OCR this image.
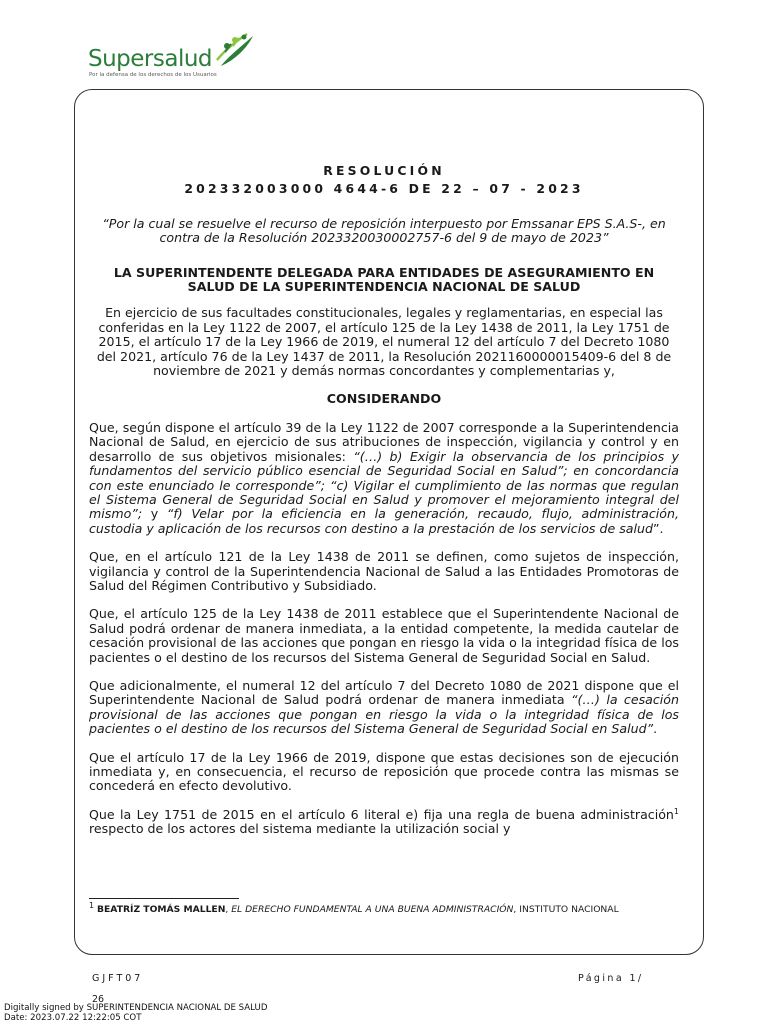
Supersalud
Por la defensa de los derechos de los Usuarios

RESOLUCIÓN

202332003000 4644-6 DE 22 – 07 - 2023

“Por la cual se resuelve el recurso de reposición interpuesto por Emssanar EPS S.A.S-, en contra de la Resolución 2023320030002757-6 del 9 de mayo de 2023”

LA SUPERINTENDENTE DELEGADA PARA ENTIDADES DE ASEGURAMIENTO EN SALUD DE LA SUPERINTENDENCIA NACIONAL DE SALUD

En ejercicio de sus facultades constitucionales, legales y reglamentarias, en especial las conferidas en la Ley 1122 de 2007, el artículo 125 de la Ley 1438 de 2011, la Ley 1751 de 2015, el artículo 17 de la Ley 1966 de 2019, el numeral 12 del artículo 7 del Decreto 1080 del 2021, artículo 76 de la Ley 1437 de 2011, la Resolución 2021160000015409-6 del 8 de noviembre de 2021 y demás normas concordantes y complementarias y,

CONSIDERANDO

Que, según dispone el artículo 39 de la Ley 1122 de 2007 corresponde a la Superintendencia Nacional de Salud, en ejercicio de sus atribuciones de inspección, vigilancia y control y en desarrollo de sus objetivos misionales: “(…) b) Exigir la observancia de los principios y fundamentos del servicio público esencial de Seguridad Social en Salud”; en concordancia con este enunciado le corresponde”; “c) Vigilar el cumplimiento de las normas que regulan el Sistema General de Seguridad Social en Salud y promover el mejoramiento integral del mismo”; y “f) Velar por la eficiencia en la generación, recaudo, flujo, administración, custodia y aplicación de los recursos con destino a la prestación de los servicios de salud”.

Que, en el artículo 121 de la Ley 1438 de 2011 se definen, como sujetos de inspección, vigilancia y control de la Superintendencia Nacional de Salud a las Entidades Promotoras de Salud del Régimen Contributivo y Subsidiado.

Que, el artículo 125 de la Ley 1438 de 2011 establece que el Superintendente Nacional de Salud podrá ordenar de manera inmediata, a la entidad competente, la medida cautelar de cesación provisional de las acciones que pongan en riesgo la vida o la integridad física de los pacientes o el destino de los recursos del Sistema General de Seguridad Social en Salud.

Que adicionalmente, el numeral 12 del artículo 7 del Decreto 1080 de 2021 dispone que el Superintendente Nacional de Salud podrá ordenar de manera inmediata “(…) la cesación provisional de las acciones que pongan en riesgo la vida o la integridad física de los pacientes o el destino de los recursos del Sistema General de Seguridad Social en Salud”.

Que el artículo 17 de la Ley 1966 de 2019, dispone que estas decisiones son de ejecución inmediata y, en consecuencia, el recurso de reposición que procede contra las mismas se concederá en efecto devolutivo.

Que la Ley 1751 de 2015 en el artículo 6 literal e) fija una regla de buena administración$^1$ respecto de los actores del sistema mediante la utilización social y

$^1$ BEATRÍZ TOMÁS MALLEN, EL DERECHO FUNDAMENTAL A UNA BUENA ADMINISTRACIÓN, INSTITUTO NACIONAL
GJFT07	Página 1/
26
Digitally signed by SUPERINTENDENCIA NACIONAL DE SALUD
Date: 2023.07.22 12:22:05 COT
